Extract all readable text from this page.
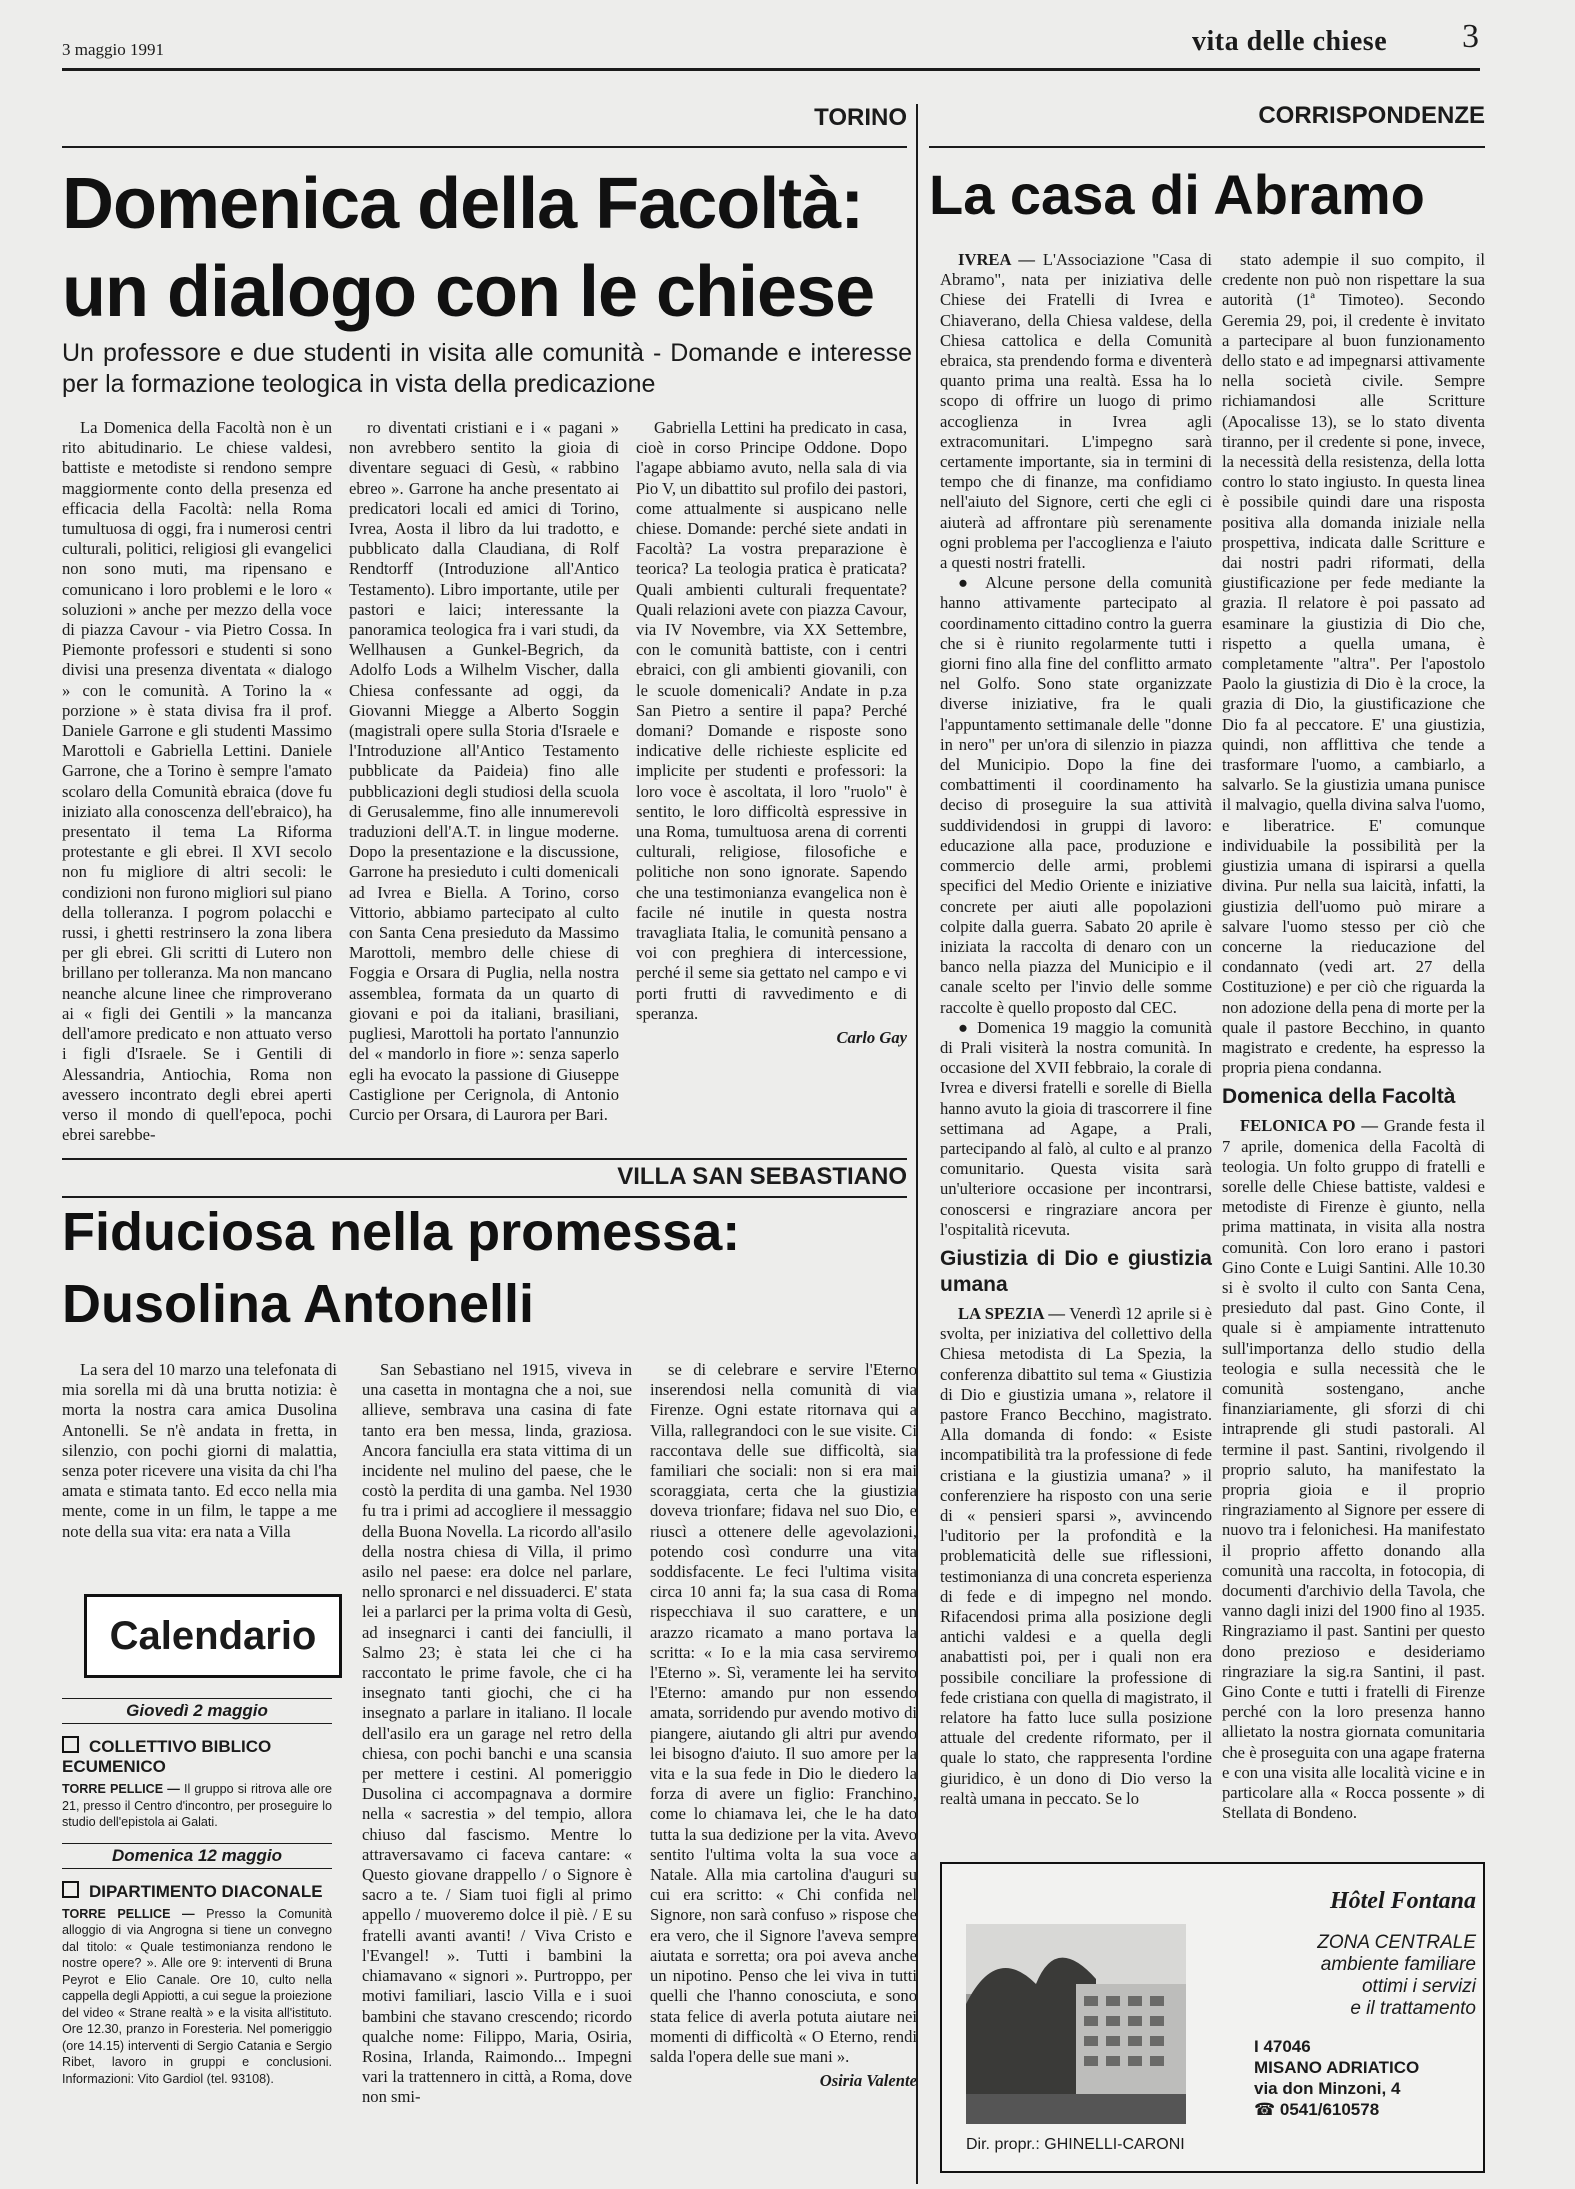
3 maggio 1991	vita delle chiese 3
TORINO
Domenica della Facoltà: un dialogo con le chiese
Un professore e due studenti in visita alle comunità - Domande e interesse per la formazione teologica in vista della predicazione

La Domenica della Facoltà non è un rito abitudinario. Le chiese valdesi, battiste e metodiste si rendono sempre maggiormente conto della presenza ed efficacia della Facoltà: nella Roma tumultuosa di oggi, fra i numerosi centri culturali, politici, religiosi gli evangelici non sono muti, ma ripensano e comunicano i loro problemi e le loro « soluzioni » anche per mezzo della voce di piazza Cavour - via Pietro Cossa. In Piemonte professori e studenti si sono divisi una presenza diventata « dialogo » con le comunità. A Torino la « porzione » è stata divisa fra il prof. Daniele Garrone e gli studenti Massimo Marottoli e Gabriella Lettini. Daniele Garrone, che a Torino è sempre l'amato scolaro della Comunità ebraica (dove fu iniziato alla conoscenza dell'ebraico), ha presentato il tema La Riforma protestante e gli ebrei. Il XVI secolo non fu migliore di altri secoli: le condizioni non furono migliori sul piano della tolleranza. I pogrom polacchi e russi, i ghetti restrinsero la zona libera per gli ebrei. Gli scritti di Lutero non brillano per tolleranza. Ma non mancano neanche alcune linee che rimproverano ai « figli dei Gentili » la mancanza dell'amore predicato e non attuato verso i figli d'Israele. Se i Gentili di Alessandria, Antiochia, Roma non avessero incontrato degli ebrei aperti verso il mondo di quell'epoca, pochi ebrei sarebbe-

ro diventati cristiani e i « pagani » non avrebbero sentito la gioia di diventare seguaci di Gesù, « rabbino ebreo ». Garrone ha anche presentato ai predicatori locali ed amici di Torino, Ivrea, Aosta il libro da lui tradotto, e pubblicato dalla Claudiana, di Rolf Rendtorff (Introduzione all'Antico Testamento). Libro importante, utile per pastori e laici; interessante la panoramica teologica fra i vari studi, da Wellhausen a Gunkel-Begrich, da Adolfo Lods a Wilhelm Vischer, dalla Chiesa confessante ad oggi, da Giovanni Miegge a Alberto Soggin (magistrali opere sulla Storia d'Israele e l'Introduzione all'Antico Testamento pubblicate da Paideia) fino alle pubblicazioni degli studiosi della scuola di Gerusalemme, fino alle innumerevoli traduzioni dell'A.T. in lingue moderne. Dopo la presentazione e la discussione, Garrone ha presieduto i culti domenicali ad Ivrea e Biella. A Torino, corso Vittorio, abbiamo partecipato al culto con Santa Cena presieduto da Massimo Marottoli, membro delle chiese di Foggia e Orsara di Puglia, nella nostra assemblea, formata da un quarto di giovani e poi da italiani, brasiliani, pugliesi, Marottoli ha portato l'annunzio del « mandorlo in fiore »: senza saperlo egli ha evocato la passione di Giuseppe Castiglione per Cerignola, di Antonio Curcio per Orsara, di Laurora per Bari.

Gabriella Lettini ha predicato in casa, cioè in corso Principe Oddone. Dopo l'agape abbiamo avuto, nella sala di via Pio V, un dibattito sul profilo dei pastori, come attualmente si auspicano nelle chiese. Domande: perché siete andati in Facoltà? La vostra preparazione è teorica? La teologia pratica è praticata? Quali ambienti culturali frequentate? Quali relazioni avete con piazza Cavour, via IV Novembre, via XX Settembre, con le comunità battiste, con i centri ebraici, con gli ambienti giovanili, con le scuole domenicali? Andate in p.za San Pietro a sentire il papa? Perché domani? Domande e risposte sono indicative delle richieste esplicite ed implicite per studenti e professori: la loro voce è ascoltata, il loro "ruolo" è sentito, le loro difficoltà espressive in una Roma, tumultuosa arena di correnti culturali, religiose, filosofiche e politiche non sono ignorate. Sapendo che una testimonianza evangelica non è facile né inutile in questa nostra travagliata Italia, le comunità pensano a voi con preghiera di intercessione, perché il seme sia gettato nel campo e vi porti frutti di ravvedimento e di speranza.

Carlo Gay

CORRISPONDENZE
La casa di Abramo

IVREA — L'Associazione "Casa di Abramo", nata per iniziativa delle Chiese dei Fratelli di Ivrea e Chiaverano, della Chiesa valdese, della Chiesa cattolica e della Comunità ebraica, sta prendendo forma e diventerà quanto prima una realtà. Essa ha lo scopo di offrire un luogo di primo accoglienza in Ivrea agli extracomunitari. L'impegno sarà certamente importante, sia in termini di tempo che di finanze, ma confidiamo nell'aiuto del Signore, certi che egli ci aiuterà ad affrontare più serenamente ogni problema per l'accoglienza e l'aiuto a questi nostri fratelli.

● Alcune persone della comunità hanno attivamente partecipato al coordinamento cittadino contro la guerra che si è riunito regolarmente tutti i giorni fino alla fine del conflitto armato nel Golfo. Sono state organizzate diverse iniziative, fra le quali l'appuntamento settimanale delle "donne in nero" per un'ora di silenzio in piazza del Municipio. Dopo la fine dei combattimenti il coordinamento ha deciso di proseguire la sua attività suddividendosi in gruppi di lavoro: educazione alla pace, produzione e commercio delle armi, problemi specifici del Medio Oriente e iniziative concrete per aiuti alle popolazioni colpite dalla guerra. Sabato 20 aprile è iniziata la raccolta di denaro con un banco nella piazza del Municipio e il canale scelto per l'invio delle somme raccolte è quello proposto dal CEC.

● Domenica 19 maggio la comunità di Prali visiterà la nostra comunità. In occasione del XVII febbraio, la corale di Ivrea e diversi fratelli e sorelle di Biella hanno avuto la gioia di trascorrere il fine settimana ad Agape, a Prali, partecipando al falò, al culto e al pranzo comunitario. Questa visita sarà un'ulteriore occasione per incontrarsi, conoscersi e ringraziare ancora per l'ospitalità ricevuta.

Giustizia di Dio e giustizia umana

LA SPEZIA — Venerdì 12 aprile si è svolta, per iniziativa del collettivo della Chiesa metodista di La Spezia, la conferenza dibattito sul tema « Giustizia di Dio e giustizia umana », relatore il pastore Franco Becchino, magistrato. Alla domanda di fondo: « Esiste incompatibilità tra la professione di fede cristiana e la giustizia umana? » il conferenziere ha risposto con una serie di « pensieri sparsi », avvincendo l'uditorio per la profondità e la problematicità delle sue riflessioni, testimonianza di una concreta esperienza di fede e di impegno nel mondo. Rifacendosi prima alla posizione degli antichi valdesi e a quella degli anabattisti poi, per i quali non era possibile conciliare la professione di fede cristiana con quella di magistrato, il relatore ha fatto luce sulla posizione attuale del credente riformato, per il quale lo stato, che rappresenta l'ordine giuridico, è un dono di Dio verso la realtà umana in peccato. Se lo

stato adempie il suo compito, il credente non può non rispettare la sua autorità (1ª Timoteo). Secondo Geremia 29, poi, il credente è invitato a partecipare al buon funzionamento dello stato e ad impegnarsi attivamente nella società civile. Sempre richiamandosi alle Scritture (Apocalisse 13), se lo stato diventa tiranno, per il credente si pone, invece, la necessità della resistenza, della lotta contro lo stato ingiusto. In questa linea è possibile quindi dare una risposta positiva alla domanda iniziale nella prospettiva, indicata dalle Scritture e dai nostri padri riformati, della giustificazione per fede mediante la grazia. Il relatore è poi passato ad esaminare la giustizia di Dio che, rispetto a quella umana, è completamente "altra". Per l'apostolo Paolo la giustizia di Dio è la croce, la grazia di Dio, la giustificazione che Dio fa al peccatore. E' una giustizia, quindi, non afflittiva che tende a trasformare l'uomo, a cambiarlo, a salvarlo. Se la giustizia umana punisce il malvagio, quella divina salva l'uomo, e liberatrice. E' comunque individuabile la possibilità per la giustizia umana di ispirarsi a quella divina. Pur nella sua laicità, infatti, la giustizia dell'uomo può mirare a salvare l'uomo stesso per ciò che concerne la rieducazione del condannato (vedi art. 27 della Costituzione) e per ciò che riguarda la non adozione della pena di morte per la quale il pastore Becchino, in quanto magistrato e credente, ha espresso la propria piena condanna.

Domenica della Facoltà

FELONICA PO — Grande festa il 7 aprile, domenica della Facoltà di teologia. Un folto gruppo di fratelli e sorelle delle Chiese battiste, valdesi e metodiste di Firenze è giunto, nella prima mattinata, in visita alla nostra comunità. Con loro erano i pastori Gino Conte e Luigi Santini. Alle 10.30 si è svolto il culto con Santa Cena, presieduto dal past. Gino Conte, il quale si è ampiamente intrattenuto sull'importanza dello studio della teologia e sulla necessità che le comunità sostengano, anche finanziariamente, gli sforzi di chi intraprende gli studi pastorali. Al termine il past. Santini, rivolgendo il proprio saluto, ha manifestato la propria gioia e il proprio ringraziamento al Signore per essere di nuovo tra i felonichesi. Ha manifestato il proprio affetto donando alla comunità una raccolta, in fotocopia, di documenti d'archivio della Tavola, che vanno dagli inizi del 1900 fino al 1935. Ringraziamo il past. Santini per questo dono prezioso e desideriamo ringraziare la sig.ra Santini, il past. Gino Conte e tutti i fratelli di Firenze perché con la loro presenza hanno allietato la nostra giornata comunitaria che è proseguita con una agape fraterna e con una visita alle località vicine e in particolare alla « Rocca possente » di Stellata di Bondeno.

VILLA SAN SEBASTIANO
Fiduciosa nella promessa: Dusolina Antonelli

La sera del 10 marzo una telefonata di mia sorella mi dà una brutta notizia: è morta la nostra cara amica Dusolina Antonelli. Se n'è andata in fretta, in silenzio, con pochi giorni di malattia, senza poter ricevere una visita da chi l'ha amata e stimata tanto. Ed ecco nella mia mente, come in un film, le tappe a me note della sua vita: era nata a Villa

San Sebastiano nel 1915, viveva in una casetta in montagna che a noi, sue allieve, sembrava una casina di fate tanto era ben messa, linda, graziosa. Ancora fanciulla era stata vittima di un incidente nel mulino del paese, che le costò la perdita di una gamba. Nel 1930 fu tra i primi ad accogliere il messaggio della Buona Novella. La ricordo all'asilo della nostra chiesa di Villa, il primo asilo nel paese: era dolce nel parlare, nello spronarci e nel dissuaderci. E' stata lei a parlarci per la prima volta di Gesù, ad insegnarci i canti dei fanciulli, il Salmo 23; è stata lei che ci ha raccontato le prime favole, che ci ha insegnato tanti giochi, che ci ha insegnato a parlare in italiano. Il locale dell'asilo era un garage nel retro della chiesa, con pochi banchi e una scansia per mettere i cestini. Al pomeriggio Dusolina ci accompagnava a dormire nella « sacrestia » del tempio, allora chiuso dal fascismo. Mentre lo attraversavamo ci faceva cantare: « Questo giovane drappello / o Signore è sacro a te. / Siam tuoi figli al primo appello / muoveremo dolce il piè. / E su fratelli avanti avanti! / Viva Cristo e l'Evangel! ». Tutti i bambini la chiamavano « signori ». Purtroppo, per motivi familiari, lascio Villa e i suoi bambini che stavano crescendo; ricordo qualche nome: Filippo, Maria, Osiria, Rosina, Irlanda, Raimondo... Impegni vari la trattennero in città, a Roma, dove non smi-

se di celebrare e servire l'Eterno inserendosi nella comunità di via Firenze. Ogni estate ritornava qui a Villa, rallegrandoci con le sue visite. Ci raccontava delle sue difficoltà, sia familiari che sociali: non si era mai scoraggiata, certa che la giustizia doveva trionfare; fidava nel suo Dio, e riuscì a ottenere delle agevolazioni, potendo così condurre una vita soddisfacente. Le feci l'ultima visita circa 10 anni fa; la sua casa di Roma rispecchiava il suo carattere, e un arazzo ricamato a mano portava la scritta: « Io e la mia casa serviremo l'Eterno ». Sì, veramente lei ha servito l'Eterno: amando pur non essendo amata, sorridendo pur avendo motivo di piangere, aiutando gli altri pur avendo lei bisogno d'aiuto. Il suo amore per la vita e la sua fede in Dio le diedero la forza di avere un figlio: Franchino, come lo chiamava lei, che le ha dato tutta la sua dedizione per la vita. Avevo sentito l'ultima volta la sua voce a Natale. Alla mia cartolina d'auguri su cui era scritto: « Chi confida nel Signore, non sarà confuso » rispose che era vero, che il Signore l'aveva sempre aiutata e sorretta; ora poi aveva anche un nipotino. Penso che lei viva in tutti quelli che l'hanno conosciuta, e sono stata felice di averla potuta aiutare nei momenti di difficoltà « O Eterno, rendi salda l'opera delle sue mani ».

Osiria Valente

Calendario
Giovedì 2 maggio
COLLETTIVO BIBLICO ECUMENICO
TORRE PELLICE — Il gruppo si ritrova alle ore 21, presso il Centro d'incontro, per proseguire lo studio dell'epistola ai Galati.
Domenica 12 maggio
DIPARTIMENTO DIACONALE
TORRE PELLICE — Presso la Comunità alloggio di via Angrogna si tiene un convegno dal titolo: « Quale testimonianza rendono le nostre opere? ». Alle ore 9: interventi di Bruna Peyrot e Elio Canale. Ore 10, culto nella cappella degli Appiotti, a cui segue la proiezione del video « Strane realtà » e la visita all'istituto. Ore 12.30, pranzo in Foresteria. Nel pomeriggio (ore 14.15) interventi di Sergio Catania e Sergio Ribet, lavoro in gruppi e conclusioni. Informazioni: Vito Gardiol (tel. 93108).
Hôtel Fontana
ZONA CENTRALE
ambiente familiare
ottimi i servizi
e il trattamento
I 47046
MISANO ADRIATICO
via don Minzoni, 4
☎ 0541/610578
Dir. propr.: GHINELLI-CARONI
